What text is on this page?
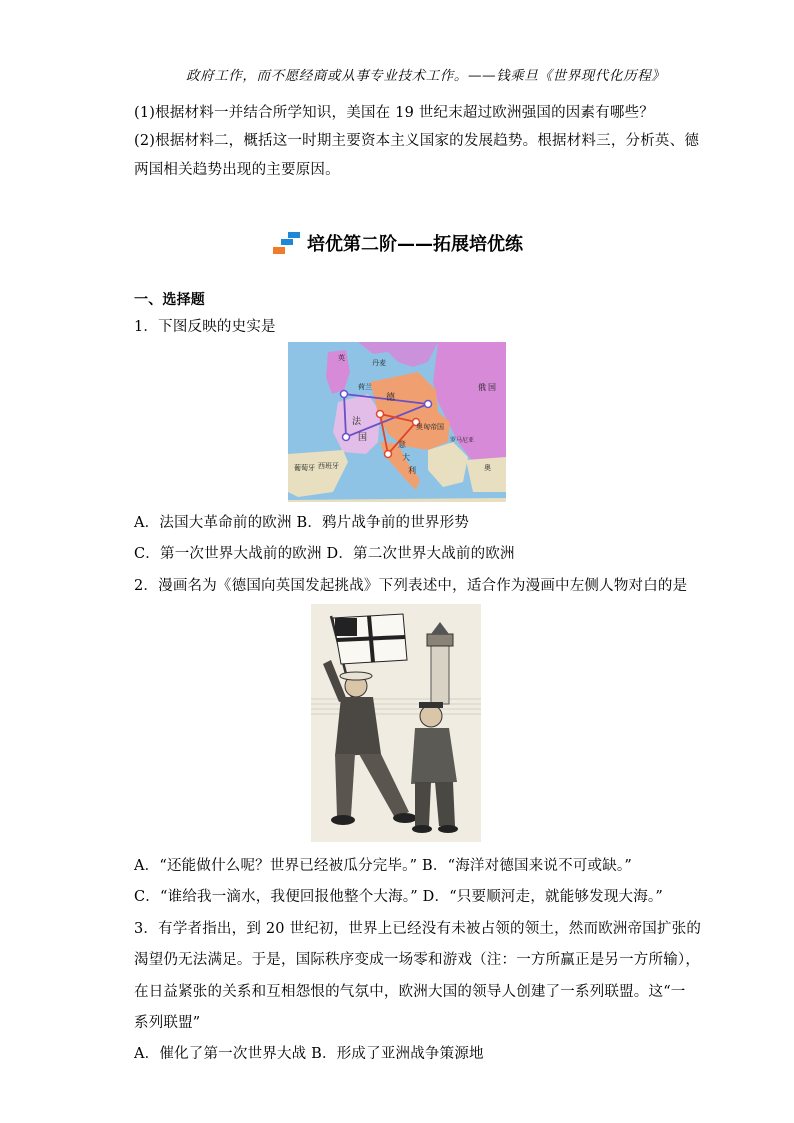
政府工作，而不愿经商或从事专业技术工作。——钱乘旦《世界现代化历程》
(1)根据材料一并结合所学知识，美国在 19 世纪末超过欧洲强国的因素有哪些？
(2)根据材料二，概括这一时期主要资本主义国家的发展趋势。根据材料三，分析英、德
两国相关趋势出现的主要原因。
培优第二阶——拓展培优练
一、选择题
1．下图反映的史实是
英
丹麦
荷兰
德
俄 国
法
国
奥匈帝国
意
大
利
西班牙
葡萄牙
罗马尼亚
奥
A．法国大革命前的欧洲 B．鸦片战争前的世界形势
C．第一次世界大战前的欧洲 D．第二次世界大战前的欧洲
2．漫画名为《德国向英国发起挑战》下列表述中，适合作为漫画中左侧人物对白的是
A．“还能做什么呢？世界已经被瓜分完毕。” B．“海洋对德国来说不可或缺。”
C．“谁给我一滴水，我便回报他整个大海。” D．“只要顺河走，就能够发现大海。”
3．有学者指出，到 20 世纪初，世界上已经没有未被占领的领土，然而欧洲帝国扩张的
渴望仍无法满足。于是，国际秩序变成一场零和游戏（注：一方所赢正是另一方所输），
在日益紧张的关系和互相怨恨的气氛中，欧洲大国的领导人创建了一系列联盟。这“一
系列联盟”
A．催化了第一次世界大战 B．形成了亚洲战争策源地
